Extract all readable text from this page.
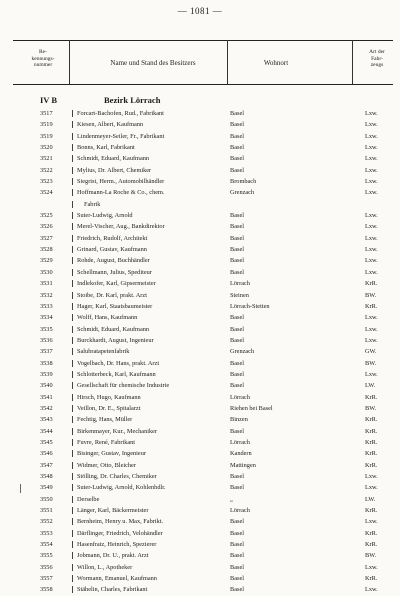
— 1081 —
Re-
kennungs-
nummer	Name und Stand des Besitzers	Wohnort
Art der
Fahr-
zeugs
IV B	Bezirk Lörrach
3517	Forcart-Bachofen, Rud., Fabrikant	Basel	Lxw.
3519	Kiesen, Albert, Kaufmann	Basel	Lxw.
3519	Lindenmeyer-Seiler, Fr., Fabrikant	Basel	Lxw.
3520	Bonns, Karl, Fabrikant	Basel	Lxw.
3521	Schmidt, Eduard, Kaufmann	Basel	Lxw.
3522	Mylius, Dr. Albert, Chemiker	Basel	Lxw.
3523	Siegrist, Herm., Automobilhändler	Brombach	Lxw.
3524	Hoffmann-La Roche & Co., chem.	Grenzach	Lxw.
Fabrik
3525	Suter-Ludwig, Arnold	Basel	Lxw.
3526	Merel-Vischer, Aug., Bankdirektor	Basel	Lxw.
3527	Friedrich, Rudolf, Architekt	Basel	Lxw.
3528	Grinard, Gustav, Kaufmann	Basel	Lxw.
3529	Rohde, August, Buchhändler	Basel	Lxw.
3530	Schellmann, Julius, Spediteur	Basel	Lxw.
3531	Indlekofer, Karl, Gipsermeister	Lörrach	KrR.
3532	Stoibe, Dr. Karl, prakt. Arzt	Steinen	BW.
3533	Hager, Karl, Staatsbaumeister	Lörrach-Stetten	KrR.
3534	Wolff, Hans, Kaufmann	Basel	Lxw.
3535	Schmidt, Eduard, Kaufmann	Basel	Lxw.
3536	Burckhardt, August, Ingenieur	Basel	Lxw.
3537	Salubratapetenfabrik	Grenzach	GW.
3538	Vogelbach, Dr. Hans, prakt. Arzt	Basel	BW.
3539	Schlotterbeck, Karl, Kaufmann	Basel	Lxw.
3540	Gesellschaft für chemische Industrie	Basel	LW.
3541	Hirsch, Hugo, Kaufmann	Lörrach	KrR.
3542	Veillon, Dr. E., Spitalarzt	Riehen bei Basel	BW.
3543	Fechtig, Hans, Müller	Binzen	KrR.
3544	Birkenmayer, Kur., Mechaniker	Basel	KrR.
3545	Fuvre, René, Fabrikant	Lörrach	KrR.
3546	Bisinger, Gustav, Ingenieur	Kandern	KrR.
3547	Widmer, Otto, Bleicher	Mattingen	KrR.
3548	Stölling, Dr. Charles, Chemiker	Basel	Lxw.
3549	Suter-Ludwig, Arnold, Kohlenhdlr.	Basel	Lxw.
3550	Derselbe	„	LW.
3551	Länger, Karl, Bäckermeister	Lörrach	KrR.
3552	Bernheim, Henry u. Max, Fabrikt.	Basel	Lxw.
3553	Därflinger, Friedrich, Velohändler	Basel	KrR.
3554	Hasenfratz, Heinrich, Spezierer	Basel	KrR.
3555	Jobmann, Dr. U., prakt. Arzt	Basel	BW.
3556	Willon, L., Apotheker	Basel	Lxw.
3557	Wormann, Emanuel, Kaufmann	Basel	KrR.
3558	Stähelin, Charles, Fabrikant	Basel	Lxw.
